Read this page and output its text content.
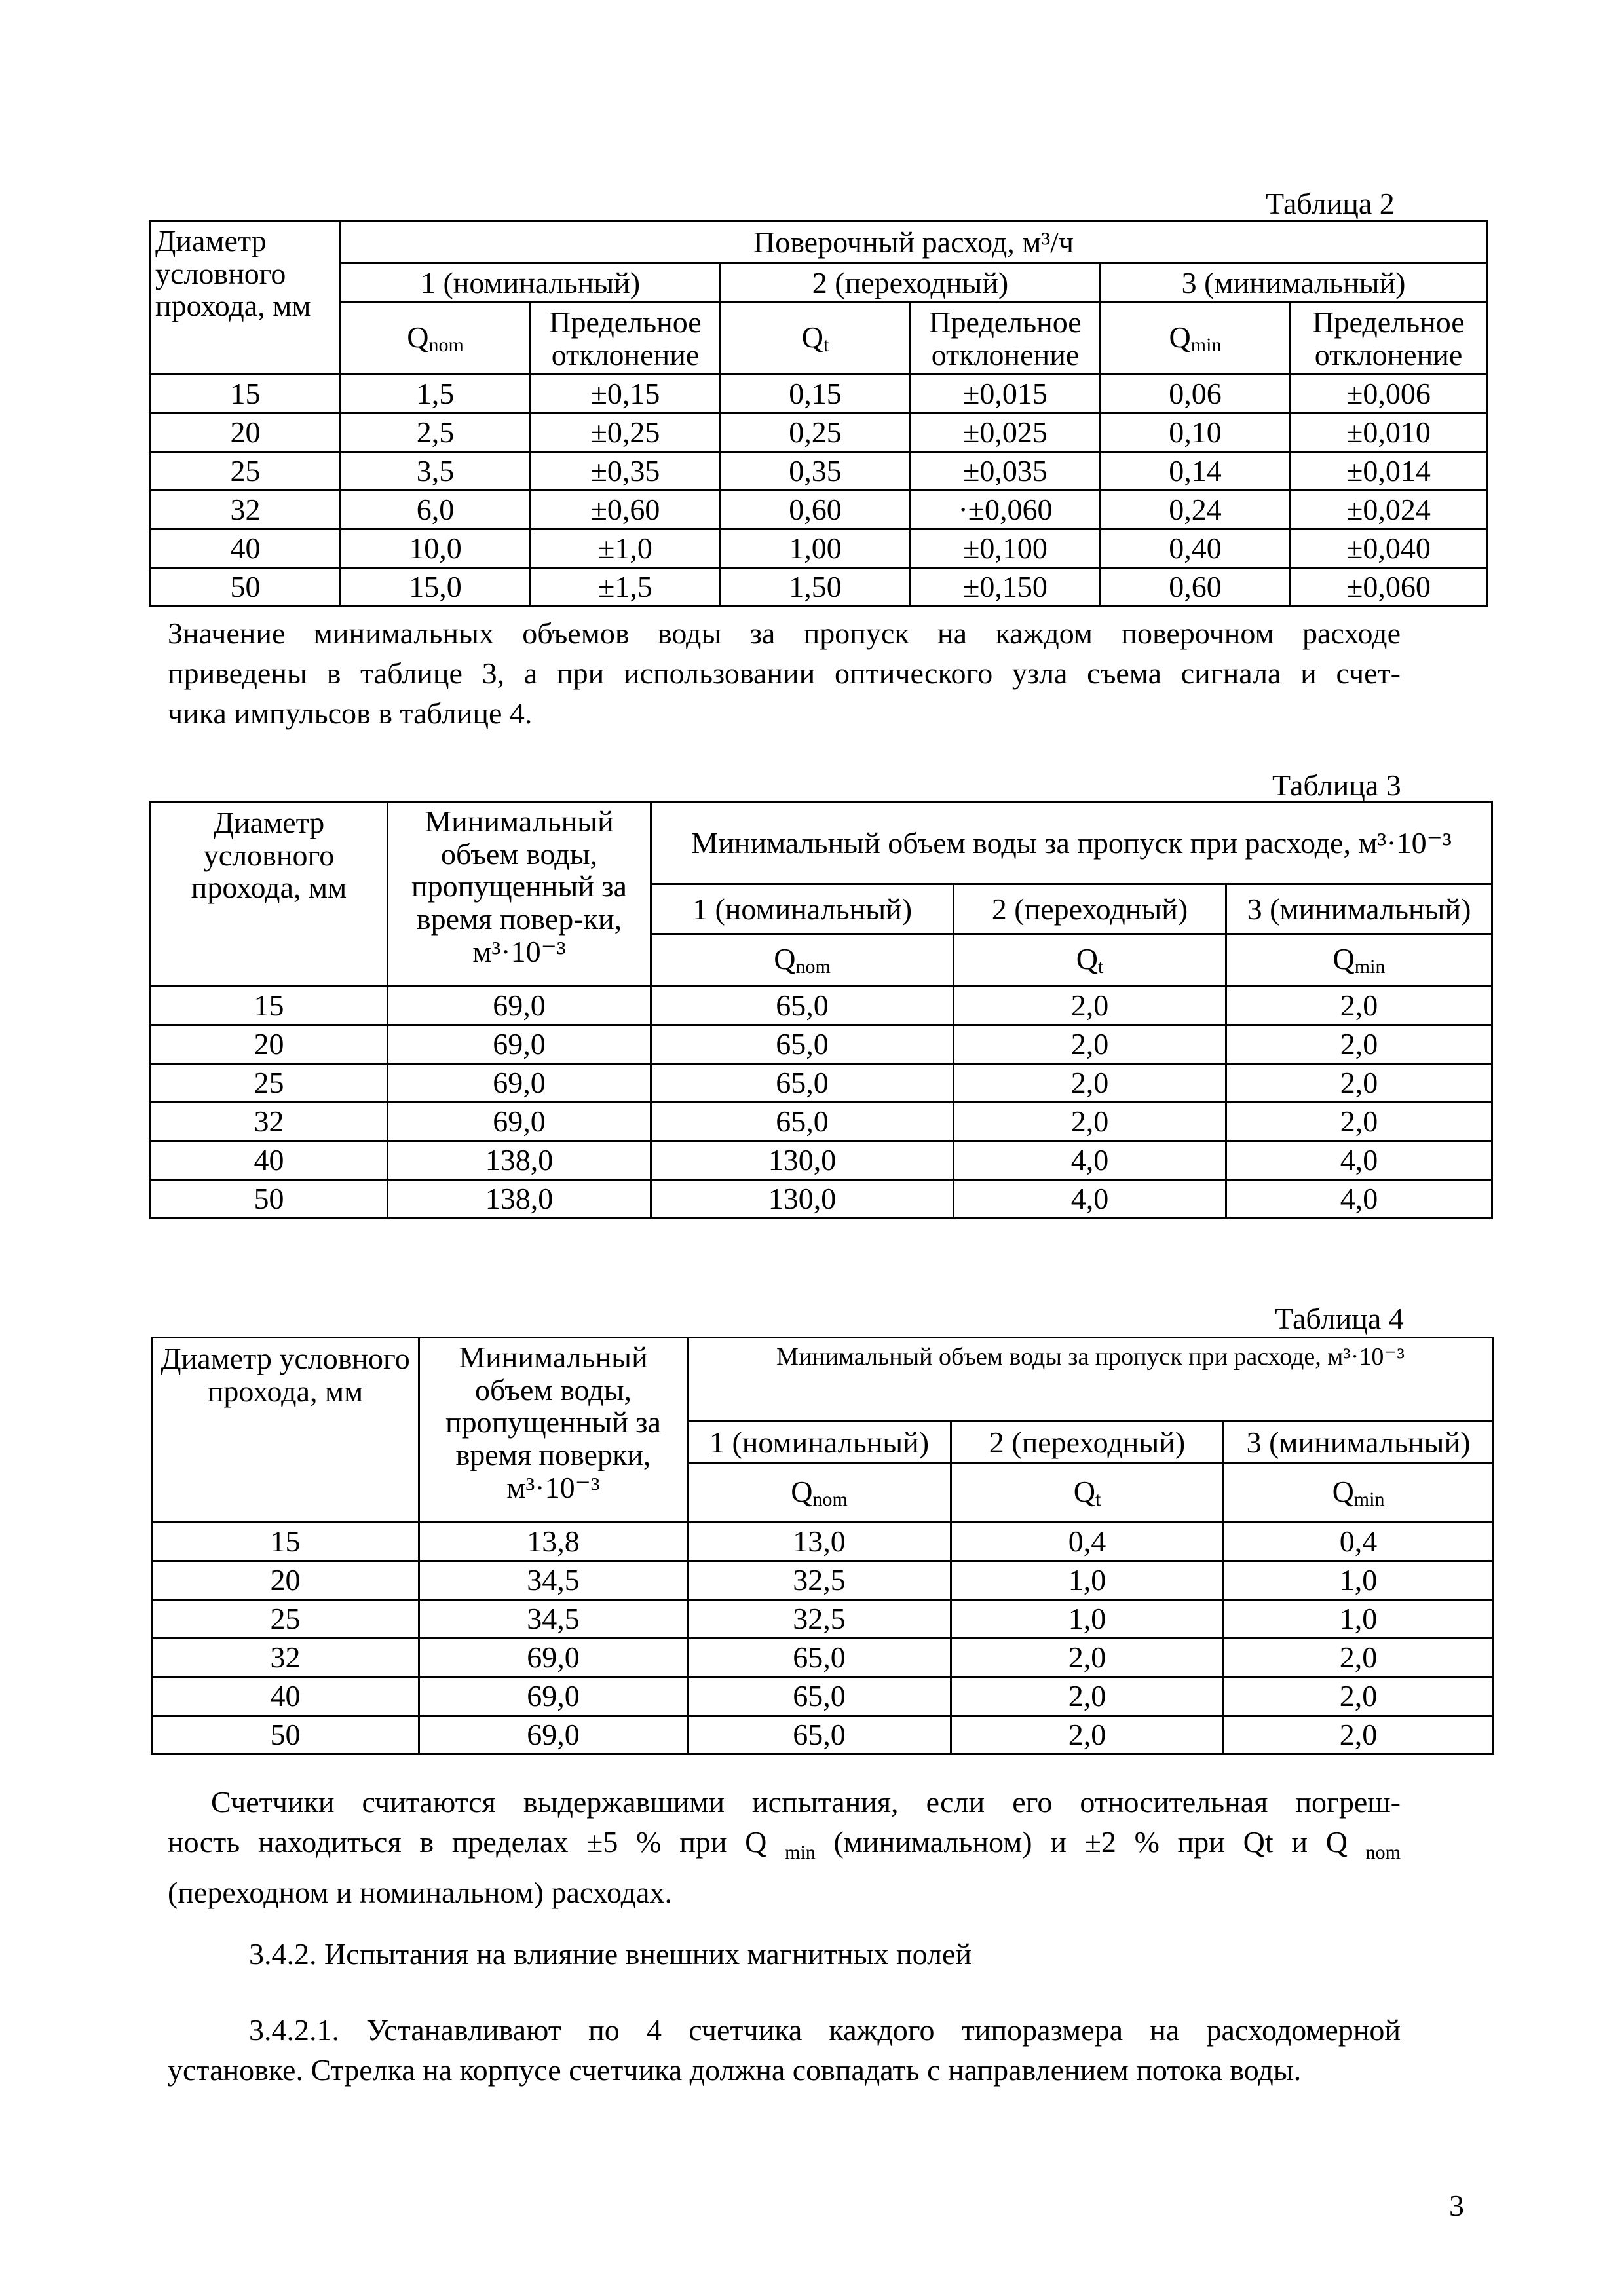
Таблица 2
Диаметр условного прохода, мм	Поверочный расход, м³/ч					
	1 (номинальный)		2 (переходный)		3 (минимальный)	
	$Q_{nom}$	Предельное отклонение	$Q_t$	Предельное отклонение	$Q_{min}$	Предельное отклонение
15	1,5	±0,15	0,15	±0,015	0,06	±0,006
20	2,5	±0,25	0,25	±0,025	0,10	±0,010
25	3,5	±0,35	0,35	±0,035	0,14	±0,014
32	6,0	±0,60	0,60	·±0,060	0,24	±0,024
40	10,0	±1,0	1,00	±0,100	0,40	±0,040
50	15,0	±1,5	1,50	±0,150	0,60	±0,060
Значение минимальных объемов воды за пропуск на каждом поверочном расходе
приведены в таблице 3, а при использовании оптического узла съема сигнала и счет-
чика импульсов в таблице 4.
Таблица 3
Диаметр условного прохода, мм	Минимальный объем воды, пропущенный за время повер-ки, м³·10⁻³	Минимальный объем воды за пропуск при расходе, м³·10⁻³		
		1 (номинальный)	2 (переходный)	3 (минимальный)
		$Q_{nom}$	$Q_t$	$Q_{min}$
15	69,0	65,0	2,0	2,0
20	69,0	65,0	2,0	2,0
25	69,0	65,0	2,0	2,0
32	69,0	65,0	2,0	2,0
40	138,0	130,0	4,0	4,0
50	138,0	130,0	4,0	4,0
Таблица 4
Диаметр условного прохода, мм	Минимальный объем воды, пропущенный за время поверки, м³·10⁻³	Минимальный объем воды за пропуск при расходе, м³·10⁻³		
		1 (номинальный)	2 (переходный)	3 (минимальный)
		$Q_{nom}$	$Q_t$	$Q_{min}$
15	13,8	13,0	0,4	0,4
20	34,5	32,5	1,0	1,0
25	34,5	32,5	1,0	1,0
32	69,0	65,0	2,0	2,0
40	69,0	65,0	2,0	2,0
50	69,0	65,0	2,0	2,0
Счетчики считаются выдержавшими испытания, если его относительная погреш-
ность находиться в пределах ±5 % при Q $_{min}$ (минимальном) и ±2 % при Qt и Q $_{nom}$
(переходном и номинальном) расходах.
3.4.2. Испытания на влияние внешних магнитных полей
3.4.2.1. Устанавливают по 4 счетчика каждого типоразмера на расходомерной
установке. Стрелка на корпусе счетчика должна совпадать с направлением потока воды.
3
